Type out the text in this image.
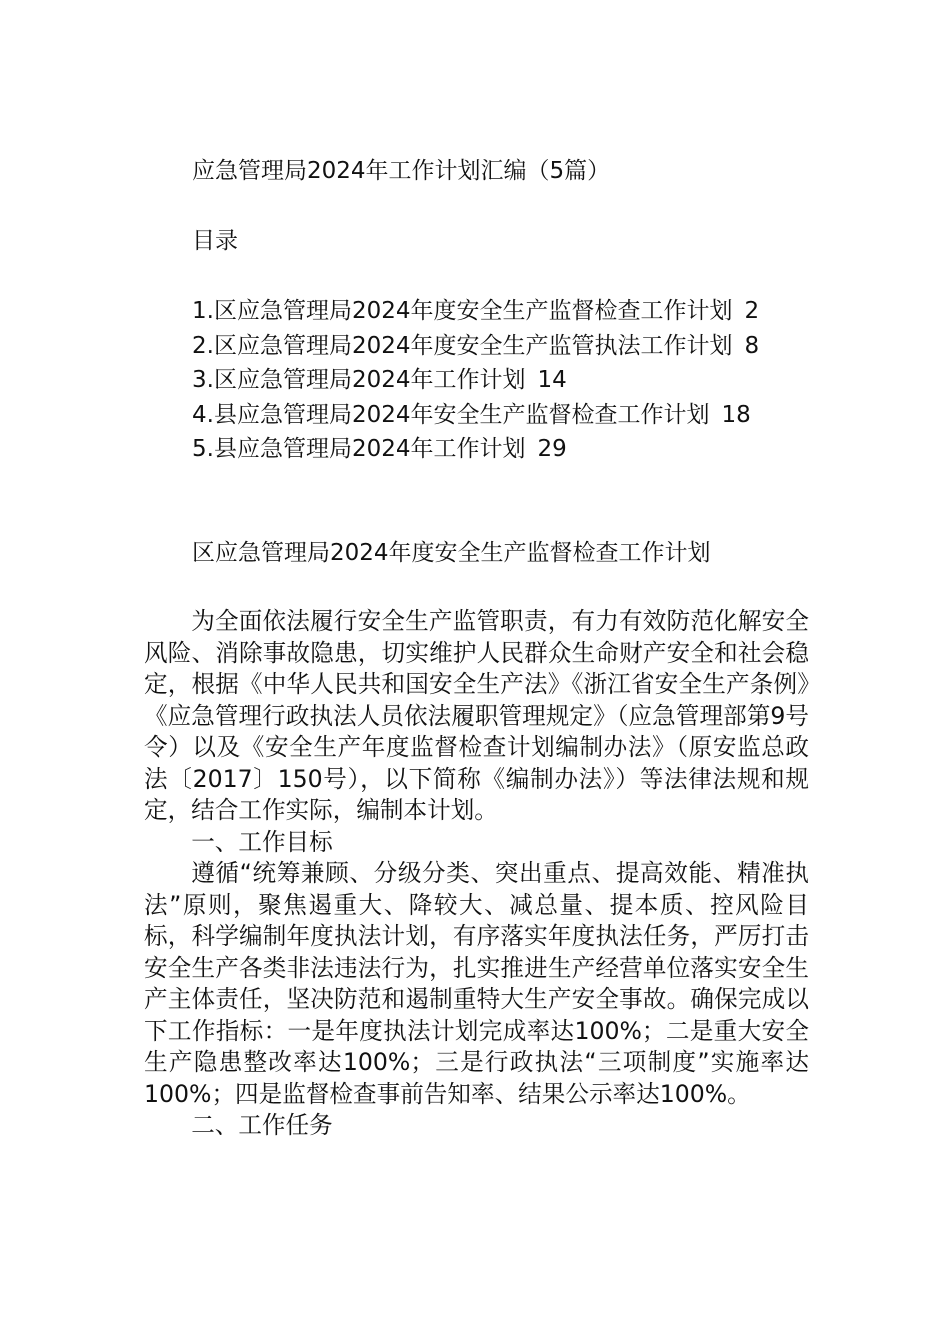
应急管理局2024年工作计划汇编（5篇）
目录
1.区应急管理局2024年度安全生产监督检查工作计划 2
2.区应急管理局2024年度安全生产监管执法工作计划 8
3.区应急管理局2024年工作计划 14
4.县应急管理局2024年安全生产监督检查工作计划 18
5.县应急管理局2024年工作计划 29
区应急管理局2024年度安全生产监督检查工作计划

为全面依法履行安全生产监管职责，有力有效防范化解安全风险、消除事故隐患，切实维护人民群众生命财产安全和社会稳定，根据《中华人民共和国安全生产法》《浙江省安全生产条例》《应急管理行政执法人员依法履职管理规定》（应急管理部第9号令）以及《安全生产年度监督检查计划编制办法》（原安监总政法〔2017〕150号），以下简称《编制办法》）等法律法规和规定，结合工作实际，编制本计划。

一、工作目标

遵循“统筹兼顾、分级分类、突出重点、提高效能、精准执法”原则，聚焦遏重大、降较大、减总量、提本质、控风险目标，科学编制年度执法计划，有序落实年度执法任务，严厉打击安全生产各类非法违法行为，扎实推进生产经营单位落实安全生产主体责任，坚决防范和遏制重特大生产安全事故。确保完成以下工作指标：一是年度执法计划完成率达100%；二是重大安全生产隐患整改率达100%；三是行政执法“三项制度”实施率达100%；四是监督检查事前告知率、结果公示率达100%。

二、工作任务
